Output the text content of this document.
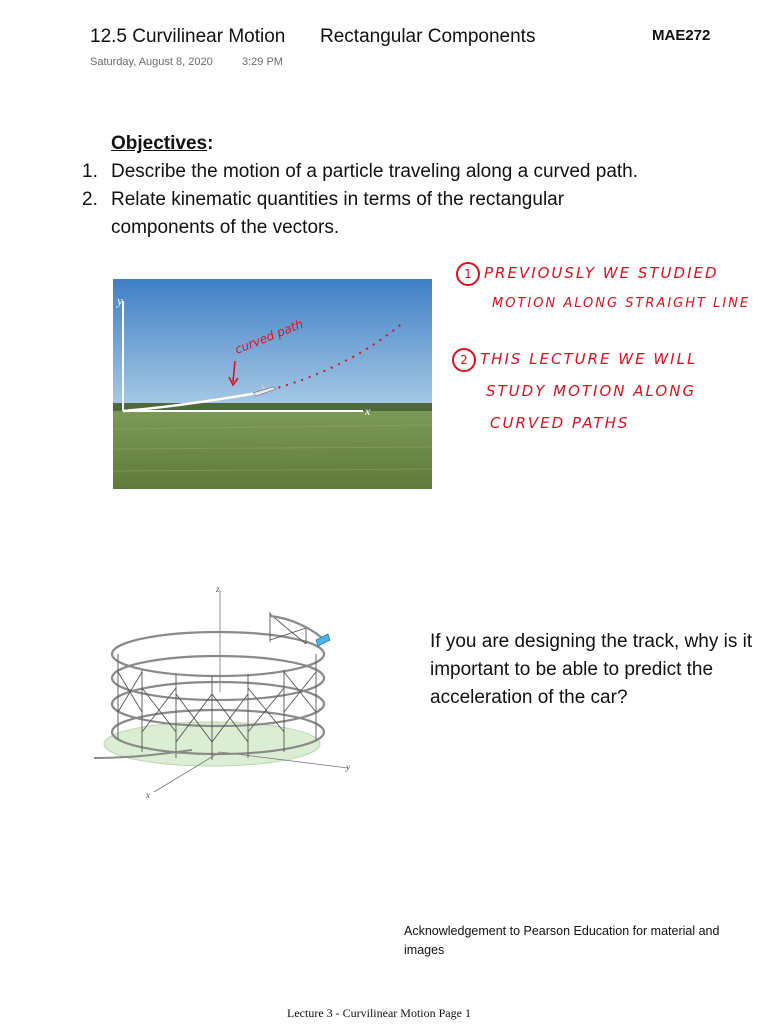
12.5 Curvilinear Motion Rectangular Components	MAE272
Saturday, August 8, 2020	3:29 PM
Objectives:
1. Describe the motion of a particle traveling along a curved path.
2. Relate kinematic quantities in terms of the rectangular components of the vectors.
curved path
y
x
1 PREVIOUSLY WE STUDIED
MOTION ALONG STRAIGHT LINE
2 THIS LECTURE WE WILL
STUDY MOTION ALONG
CURVED PATHS
z
y
x
If you are designing the track, why is it important to be able to predict the acceleration of the car?
Acknowledgement to Pearson Education for material and images
Lecture 3 - Curvilinear Motion Page 1
